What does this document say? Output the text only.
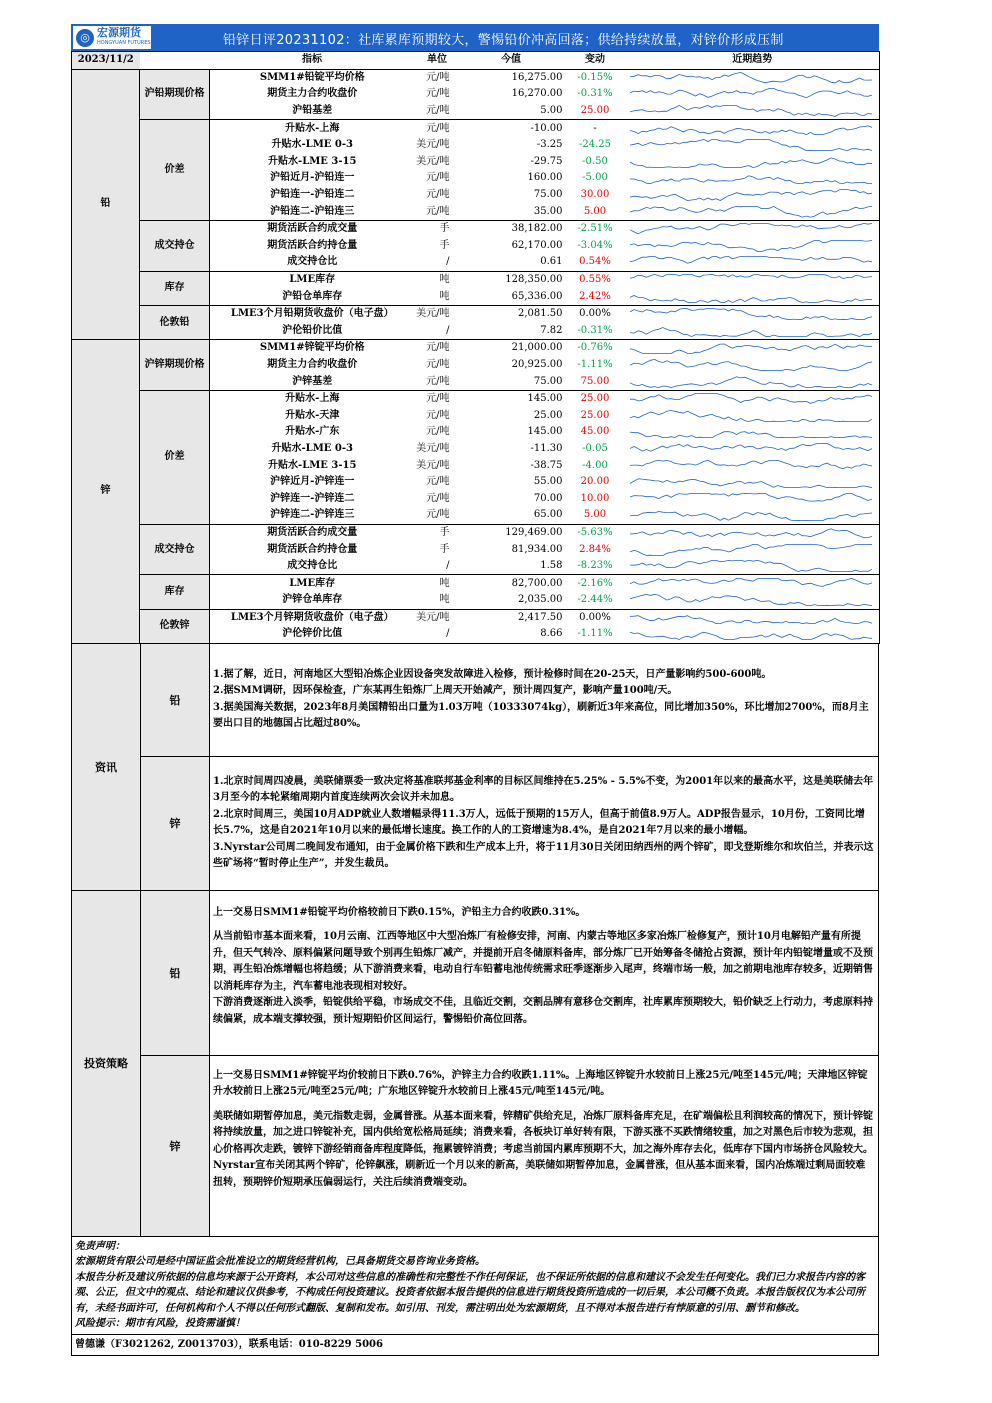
◎ 宏源期货
HONGYUAN FUTURES	铅锌日评20231102：社库累库预期较大，警惕铅价冲高回落；供给持续放量，对锌价形成压制
2023/11/2		指标	单位	今值	变动	近期趋势
铅	沪铅期现价格	SMM1#铅锭平均价格	元/吨	16,275.00	-0.15%	

		期货主力合约收盘价	元/吨	16,270.00	-0.31%	

		沪铅基差	元/吨	5.00	25.00	

	价差	升贴水-上海	元/吨	-10.00	-	

		升贴水-LME 0-3	美元/吨	-3.25	-24.25	

		升贴水-LME 3-15	美元/吨	-29.75	-0.50	

		沪铅近月-沪铅连一	元/吨	160.00	-5.00	

		沪铅连一-沪铅连二	元/吨	75.00	30.00	

		沪铅连二-沪铅连三	元/吨	35.00	5.00	

	成交持仓	期货活跃合约成交量	手	38,182.00	-2.51%	

		期货活跃合约持仓量	手	62,170.00	-3.04%	

		成交持仓比	/	0.61	0.54%	

	库存	LME库存	吨	128,350.00	0.55%	

		沪铅仓单库存	吨	65,336.00	2.42%	

	伦敦铅	LME3个月铅期货收盘价（电子盘）	美元/吨	2,081.50	0.00%	

		沪伦铅价比值	/	7.82	-0.31%	

锌	沪锌期现价格	SMM1#锌锭平均价格	元/吨	21,000.00	-0.76%	

		期货主力合约收盘价	元/吨	20,925.00	-1.11%	

		沪锌基差	元/吨	75.00	75.00	

	价差	升贴水-上海	元/吨	145.00	25.00	

		升贴水-天津	元/吨	25.00	25.00	

		升贴水-广东	元/吨	145.00	45.00	

		升贴水-LME 0-3	美元/吨	-11.30	-0.05	

		升贴水-LME 3-15	美元/吨	-38.75	-4.00	

		沪锌近月-沪锌连一	元/吨	55.00	20.00	

		沪锌连一-沪锌连二	元/吨	70.00	10.00	

		沪锌连二-沪锌连三	元/吨	65.00	5.00	

	成交持仓	期货活跃合约成交量	手	129,469.00	-5.63%	

		期货活跃合约持仓量	手	81,934.00	2.84%	

		成交持仓比	/	1.58	-8.23%	

	库存	LME库存	吨	82,700.00	-2.16%	

		沪锌仓单库存	吨	2,035.00	-2.44%	

	伦敦锌	LME3个月锌期货收盘价（电子盘）	美元/吨	2,417.50	0.00%	

		沪伦锌价比值	/	8.66	-1.11%	
资讯
铅

1.据了解，近日，河南地区大型铅冶炼企业因设备突发故障进入检修，预计检修时间在20-25天，日产量影响约500-600吨。

2.据SMM调研，因环保检查，广东某再生铅炼厂上周天开始减产，预计周四复产，影响产量100吨/天。

3.据美国海关数据，2023年8月美国精铅出口量为1.03万吨（10333074kg），刷新近3年来高位，同比增加350%，环比增加2700%，而8月主要出口目的地德国占比超过80%。

锌

1.北京时间周四凌晨，美联储票委一致决定将基准联邦基金利率的目标区间维持在5.25% - 5.5%不变，为2001年以来的最高水平，这是美联储去年3月至今的本轮紧缩周期内首度连续两次会议并未加息。

2.北京时间周三，美国10月ADP就业人数增幅录得11.3万人，远低于预期的15万人，但高于前值8.9万人。ADP报告显示，10月份，工资同比增长5.7%，这是自2021年10月以来的最低增长速度。换工作的人的工资增速为8.4%，是自2021年7月以来的最小增幅。

3.Nyrstar公司周二晚间发布通知，由于金属价格下跌和生产成本上升，将于11月30日关闭田纳西州的两个锌矿，即戈登斯维尔和坎伯兰，并表示这些矿场将“暂时停止生产”，并发生裁员。

投资策略
铅

上一交易日SMM1#铅锭平均价格较前日下跌0.15%，沪铅主力合约收跌0.31%。

从当前铅市基本面来看，10月云南、江西等地区中大型冶炼厂有检修安排，河南、内蒙古等地区多家冶炼厂检修复产，预计10月电解铅产量有所提升，但天气转冷、原料偏紧问题导致个别再生铅炼厂减产，并提前开启冬储原料备库，部分炼厂已开始筹备冬储抢占资源，预计年内铅锭增量或不及预期，再生铅冶炼增幅也将趋缓；从下游消费来看，电动自行车铅蓄电池传统需求旺季逐渐步入尾声，终端市场一般，加之前期电池库存较多，近期销售以消耗库存为主，汽车蓄电池表现相对较好。

下游消费逐渐进入淡季，铅锭供给平稳，市场成交不佳，且临近交割，交割品牌有意移仓交割库，社库累库预期较大，铅价缺乏上行动力，考虑原料持续偏紧，成本端支撑较强，预计短期铅价区间运行，警惕铅价高位回落。

锌

上一交易日SMM1#锌锭平均价较前日下跌0.76%，沪锌主力合约收跌1.11%。上海地区锌锭升水较前日上涨25元/吨至145元/吨；天津地区锌锭升水较前日上涨25元/吨至25元/吨；广东地区锌锭升水较前日上涨45元/吨至145元/吨。

美联储如期暂停加息，美元指数走弱，金属普涨。从基本面来看，锌精矿供给充足，冶炼厂原料备库充足，在矿端偏松且利润较高的情况下，预计锌锭将持续放量，加之进口锌锭补充，国内供给宽松格局延续；消费来看，各板块订单好转有限，下游买涨不买跌情绪较重，加之对黑色后市较为悲观，担心价格再次走跌，镀锌下游经销商备库程度降低，拖累镀锌消费；考虑当前国内累库预期不大，加之海外库存去化，低库存下国内市场挤仓风险较大。

Nyrstar宣布关闭其两个锌矿，伦锌飙涨，刷新近一个月以来的新高，美联储如期暂停加息，金属普涨，但从基本面来看，国内冶炼端过剩局面较难扭转，预期锌价短期承压偏弱运行，关注后续消费端变动。

免责声明：

宏源期货有限公司是经中国证监会批准设立的期货经营机构，已具备期货交易咨询业务资格。

本报告分析及建议所依据的信息均来源于公开资料，本公司对这些信息的准确性和完整性不作任何保证，也不保证所依据的信息和建议不会发生任何变化。我们已力求报告内容的客观、公正，但文中的观点、结论和建议仅供参考，不构成任何投资建议。投资者依据本报告提供的信息进行期货投资所造成的一切后果，本公司概不负责。本报告版权仅为本公司所有，未经书面许可，任何机构和个人不得以任何形式翻版、复制和发布。如引用、刊发，需注明出处为宏源期货，且不得对本报告进行有悖原意的引用、删节和修改。

风险提示：期市有风险，投资需谨慎！

曾德谦（F3021262, Z0013703），联系电话：010-8229 5006
